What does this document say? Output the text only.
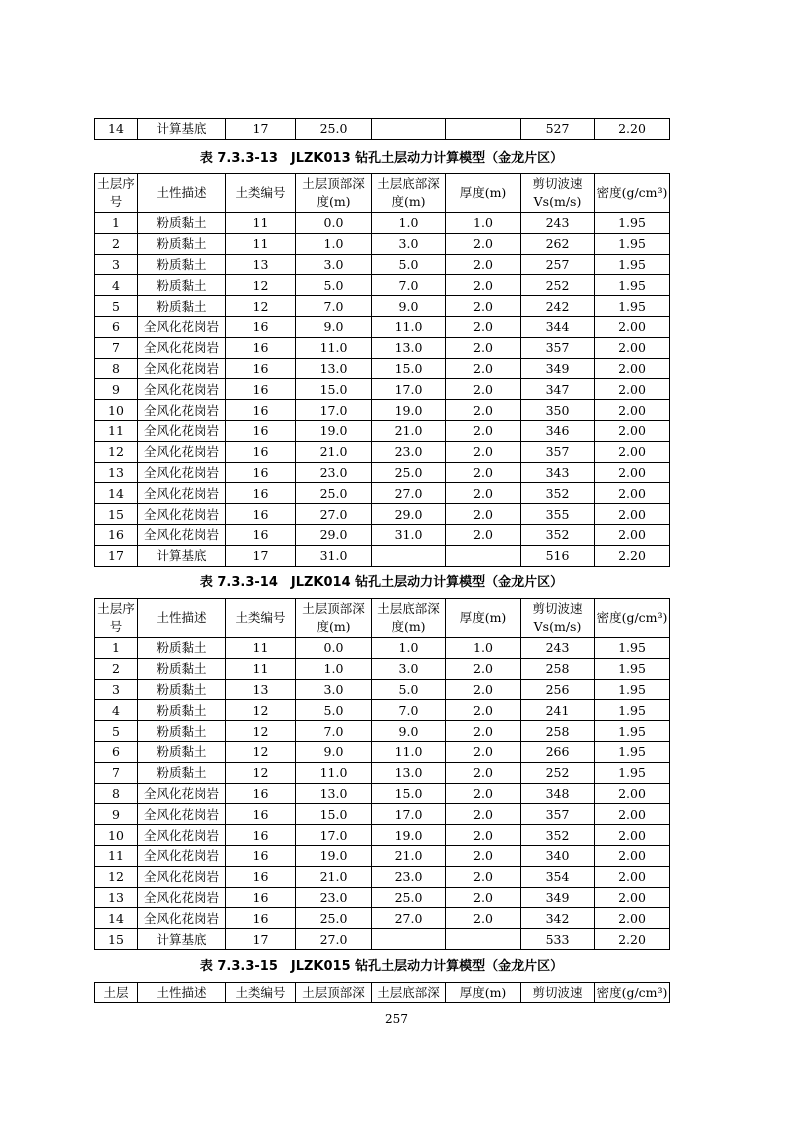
14	计算基底	17	25.0			527	2.20
表 7.3.3-13　JLZK013 钻孔土层动力计算模型（金龙片区）
土层序号	土性描述	土类编号	土层顶部深度(m)	土层底部深度(m)	厚度(m)	剪切波速Vs(m/s)	密度(g/cm³)
1	粉质黏土	11	0.0	1.0	1.0	243	1.95
2	粉质黏土	11	1.0	3.0	2.0	262	1.95
3	粉质黏土	13	3.0	5.0	2.0	257	1.95
4	粉质黏土	12	5.0	7.0	2.0	252	1.95
5	粉质黏土	12	7.0	9.0	2.0	242	1.95
6	全风化花岗岩	16	9.0	11.0	2.0	344	2.00
7	全风化花岗岩	16	11.0	13.0	2.0	357	2.00
8	全风化花岗岩	16	13.0	15.0	2.0	349	2.00
9	全风化花岗岩	16	15.0	17.0	2.0	347	2.00
10	全风化花岗岩	16	17.0	19.0	2.0	350	2.00
11	全风化花岗岩	16	19.0	21.0	2.0	346	2.00
12	全风化花岗岩	16	21.0	23.0	2.0	357	2.00
13	全风化花岗岩	16	23.0	25.0	2.0	343	2.00
14	全风化花岗岩	16	25.0	27.0	2.0	352	2.00
15	全风化花岗岩	16	27.0	29.0	2.0	355	2.00
16	全风化花岗岩	16	29.0	31.0	2.0	352	2.00
17	计算基底	17	31.0			516	2.20
表 7.3.3-14　JLZK014 钻孔土层动力计算模型（金龙片区）
土层序号	土性描述	土类编号	土层顶部深度(m)	土层底部深度(m)	厚度(m)	剪切波速Vs(m/s)	密度(g/cm³)
1	粉质黏土	11	0.0	1.0	1.0	243	1.95
2	粉质黏土	11	1.0	3.0	2.0	258	1.95
3	粉质黏土	13	3.0	5.0	2.0	256	1.95
4	粉质黏土	12	5.0	7.0	2.0	241	1.95
5	粉质黏土	12	7.0	9.0	2.0	258	1.95
6	粉质黏土	12	9.0	11.0	2.0	266	1.95
7	粉质黏土	12	11.0	13.0	2.0	252	1.95
8	全风化花岗岩	16	13.0	15.0	2.0	348	2.00
9	全风化花岗岩	16	15.0	17.0	2.0	357	2.00
10	全风化花岗岩	16	17.0	19.0	2.0	352	2.00
11	全风化花岗岩	16	19.0	21.0	2.0	340	2.00
12	全风化花岗岩	16	21.0	23.0	2.0	354	2.00
13	全风化花岗岩	16	23.0	25.0	2.0	349	2.00
14	全风化花岗岩	16	25.0	27.0	2.0	342	2.00
15	计算基底	17	27.0			533	2.20
表 7.3.3-15　JLZK015 钻孔土层动力计算模型（金龙片区）
土层	土性描述	土类编号	土层顶部深	土层底部深	厚度(m)	剪切波速	密度(g/cm³)
257
